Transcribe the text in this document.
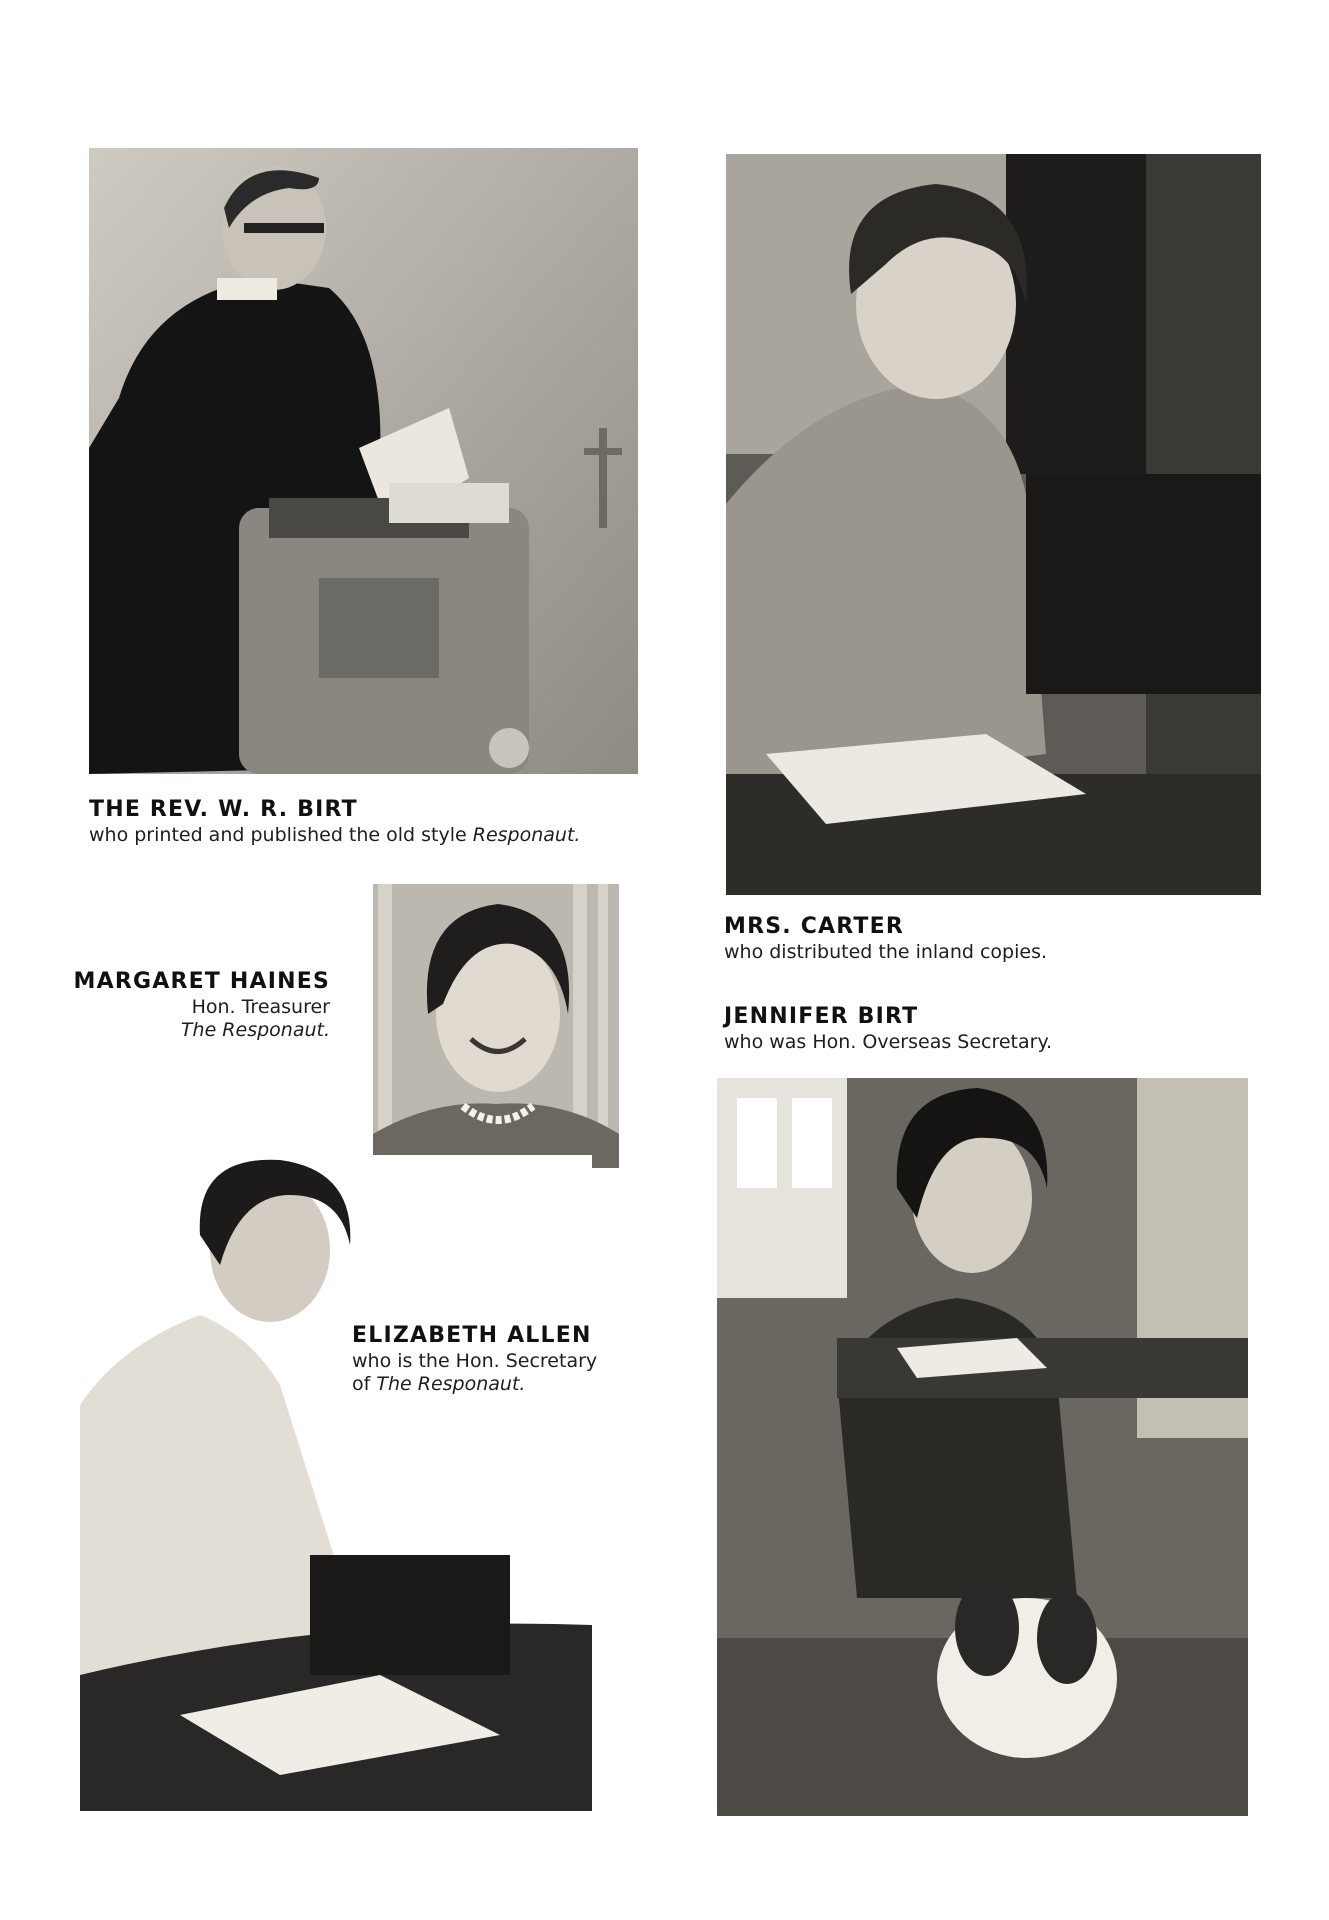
THE REV. W. R. BIRT
who printed and published the old style Responaut.
MRS. CARTER
who distributed the inland copies.
JENNIFER BIRT
who was Hon. Overseas Secretary.
MARGARET HAINES
Hon. Treasurer
The Responaut.
ELIZABETH ALLEN
who is the Hon. Secretary
of The Responaut.
